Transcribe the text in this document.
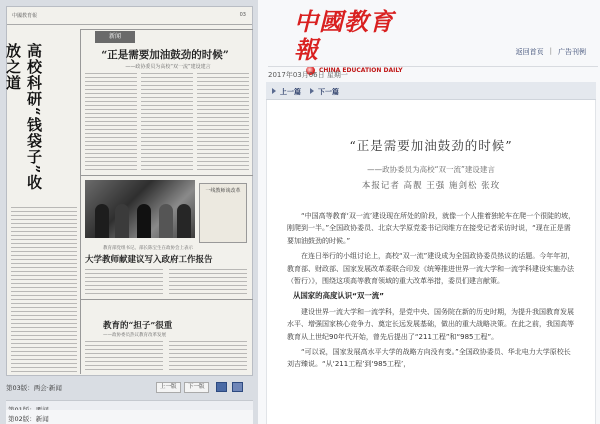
中國教育報	03
新闻
“正是需要加油鼓劲的时候”
——政协委员为高校“双一流”建设建言
高校科研“钱袋子”收放之道
一线教师谈改革
教育部党组书记、部长陈宝生在政协会上表示
大学教师献建议写入政府工作报告
教育的“担子”很重
——政协委员热议教育改革发展
第03版：两会·新闻	上一版	下一版
第02版：新闻
中國教育報
CHINA EDUCATION DAILY
返回首页 | 广告刊例
2017年03月06日 星期一
上一篇 下一篇
“正是需要加油鼓劲的时候”
——政协委员为高校“双一流”建设建言
本报记者 高靓 王强 施剑松 张玫

“中国高等教育‘双一流’建设现在所处的阶段，就像一个人推着独轮车在爬一个很陡的坡，刚爬到一半。”全国政协委员、北京大学原党委书记闵维方在接受记者采访时说，“现在正是需要加油鼓劲的时候。”

在连日举行的小组讨论上，高校“双一流”建设成为全国政协委员热议的话题。今年年初，教育部、财政部、国家发展改革委联合印发《统筹推进世界一流大学和一流学科建设实施办法（暂行）》，围绕这项高等教育领域的重大改革举措，委员们建言献策。

从国家的高度认识“双一流”

建设世界一流大学和一流学科，是党中央、国务院在新的历史时期，为提升我国教育发展水平、增强国家核心竞争力、奠定长远发展基础，做出的重大战略决策。在此之前，我国高等教育从上世纪90年代开始，曾先后提出了“211工程”和“985工程”。

“可以说，国家发展高水平大学的战略方向没有变。”全国政协委员、华北电力大学原校长刘吉臻说。“从‘211工程’到‘985工程’，
